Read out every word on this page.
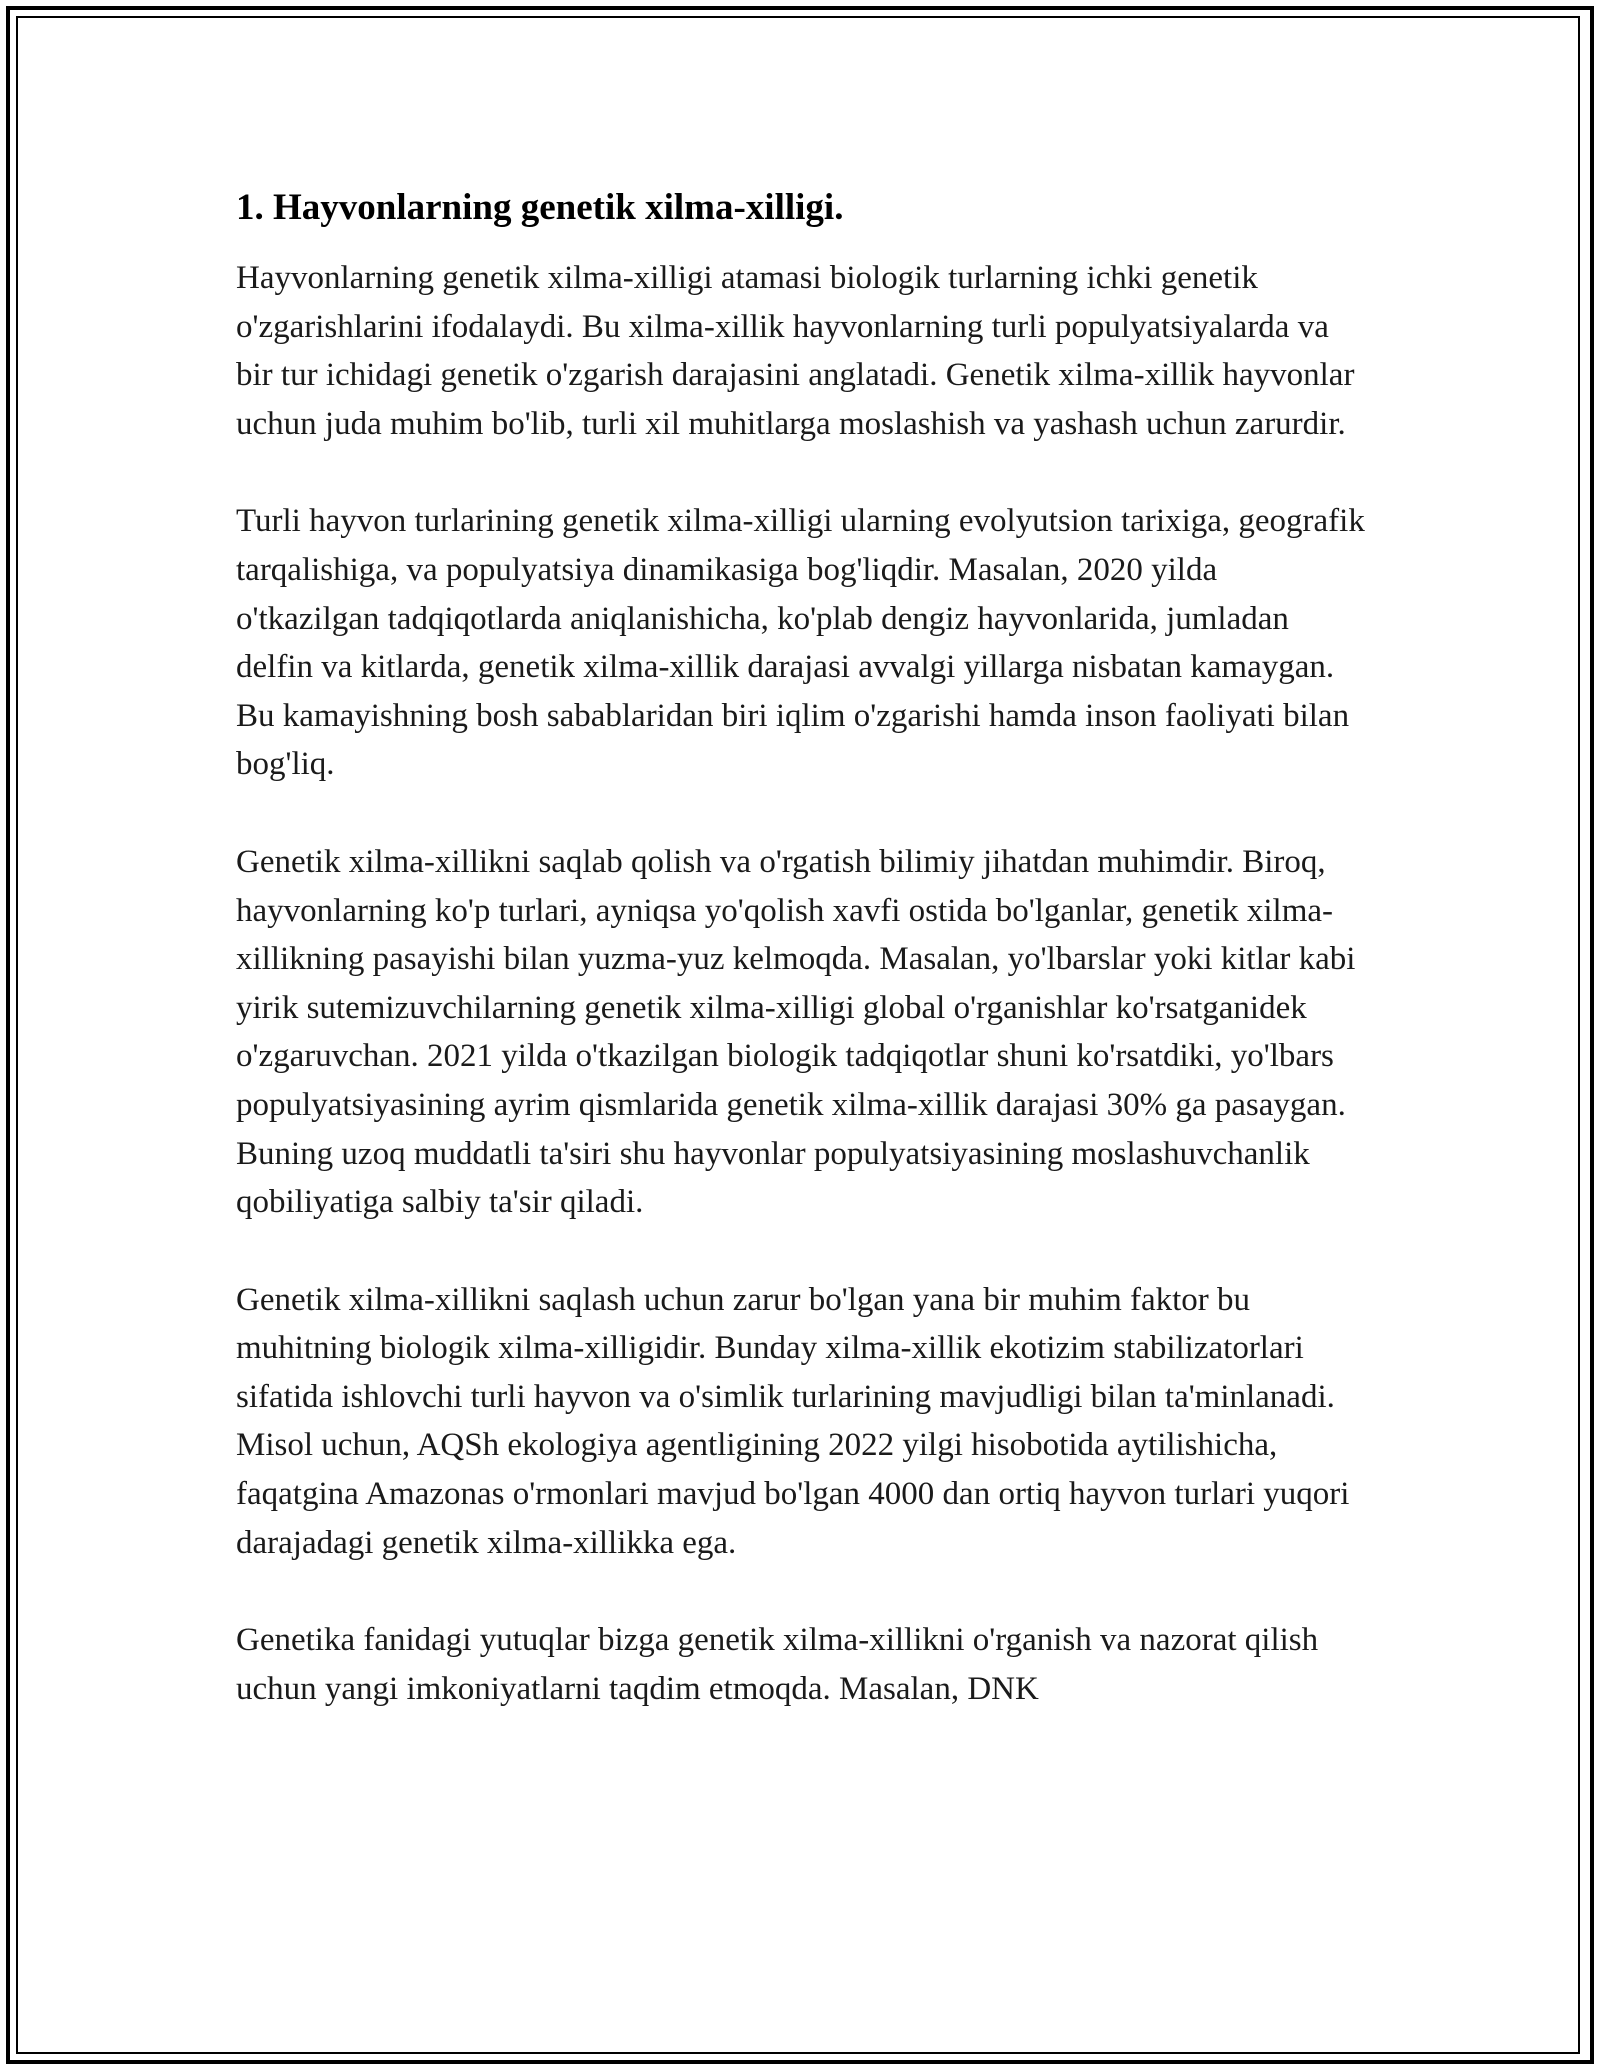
1. Hayvonlarning genetik xilma-xilligi.

Hayvonlarning genetik xilma-xilligi atamasi biologik turlarning ichki genetik o'zgarishlarini ifodalaydi. Bu xilma-xillik hayvonlarning turli populyatsiyalarda va bir tur ichidagi genetik o'zgarish darajasini anglatadi. Genetik xilma-xillik hayvonlar uchun juda muhim bo'lib, turli xil muhitlarga moslashish va yashash uchun zarurdir.

Turli hayvon turlarining genetik xilma-xilligi ularning evolyutsion tarixiga, geografik tarqalishiga, va populyatsiya dinamikasiga bog'liqdir. Masalan, 2020 yilda o'tkazilgan tadqiqotlarda aniqlanishicha, ko'plab dengiz hayvonlarida, jumladan delfin va kitlarda, genetik xilma-xillik darajasi avvalgi yillarga nisbatan kamaygan. Bu kamayishning bosh sabablaridan biri iqlim o'zgarishi hamda inson faoliyati bilan bog'liq.

Genetik xilma-xillikni saqlab qolish va o'rgatish bilimiy jihatdan muhimdir. Biroq, hayvonlarning ko'p turlari, ayniqsa yo'qolish xavfi ostida bo'lganlar, genetik xilma-xillikning pasayishi bilan yuzma-yuz kelmoqda. Masalan, yo'lbarslar yoki kitlar kabi yirik sutemizuvchilarning genetik xilma-xilligi global o'rganishlar ko'rsatganidek o'zgaruvchan. 2021 yilda o'tkazilgan biologik tadqiqotlar shuni ko'rsatdiki, yo'lbars populyatsiyasining ayrim qismlarida genetik xilma-xillik darajasi 30% ga pasaygan. Buning uzoq muddatli ta'siri shu hayvonlar populyatsiyasining moslashuvchanlik qobiliyatiga salbiy ta'sir qiladi.

Genetik xilma-xillikni saqlash uchun zarur bo'lgan yana bir muhim faktor bu muhitning biologik xilma-xilligidir. Bunday xilma-xillik ekotizim stabilizatorlari sifatida ishlovchi turli hayvon va o'simlik turlarining mavjudligi bilan ta'minlanadi. Misol uchun, AQSh ekologiya agentligining 2022 yilgi hisobotida aytilishicha, faqatgina Amazonas o'rmonlari mavjud bo'lgan 4000 dan ortiq hayvon turlari yuqori darajadagi genetik xilma-xillikka ega.

Genetika fanidagi yutuqlar bizga genetik xilma-xillikni o'rganish va nazorat qilish uchun yangi imkoniyatlarni taqdim etmoqda. Masalan, DNK
